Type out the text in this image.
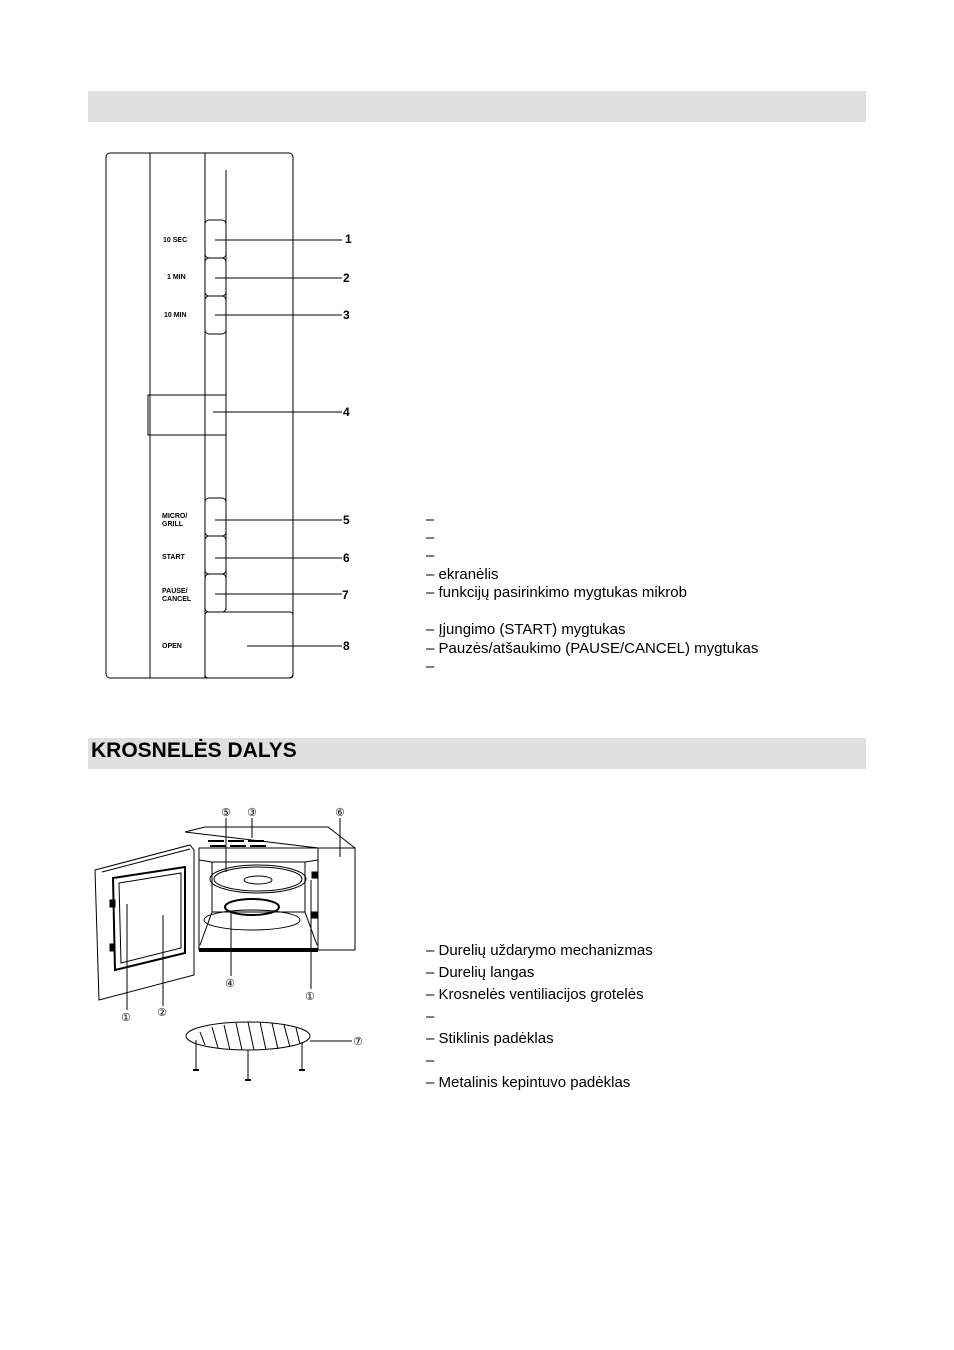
KROSNELĖS DALYS
10 SEC
1 MIN
10 MIN
MICRO/
GRILL
START
PAUSE/
CANCEL
OPEN
1
2
3
4
5
6
7
8
–
–
–
– ekranėlis
– funkcijų pasirinkimo mygtukas mikrob
– Įjungimo (START) mygtukas
– Pauzės/atšaukimo (PAUSE/CANCEL) mygtukas
–
①
①
②
③
④
⑤	⑥
⑦
– Durelių uždarymo mechanizmas
– Durelių langas
– Krosnelės ventiliacijos grotelės
–
– Stiklinis padėklas
–
– Metalinis kepintuvo padėklas
